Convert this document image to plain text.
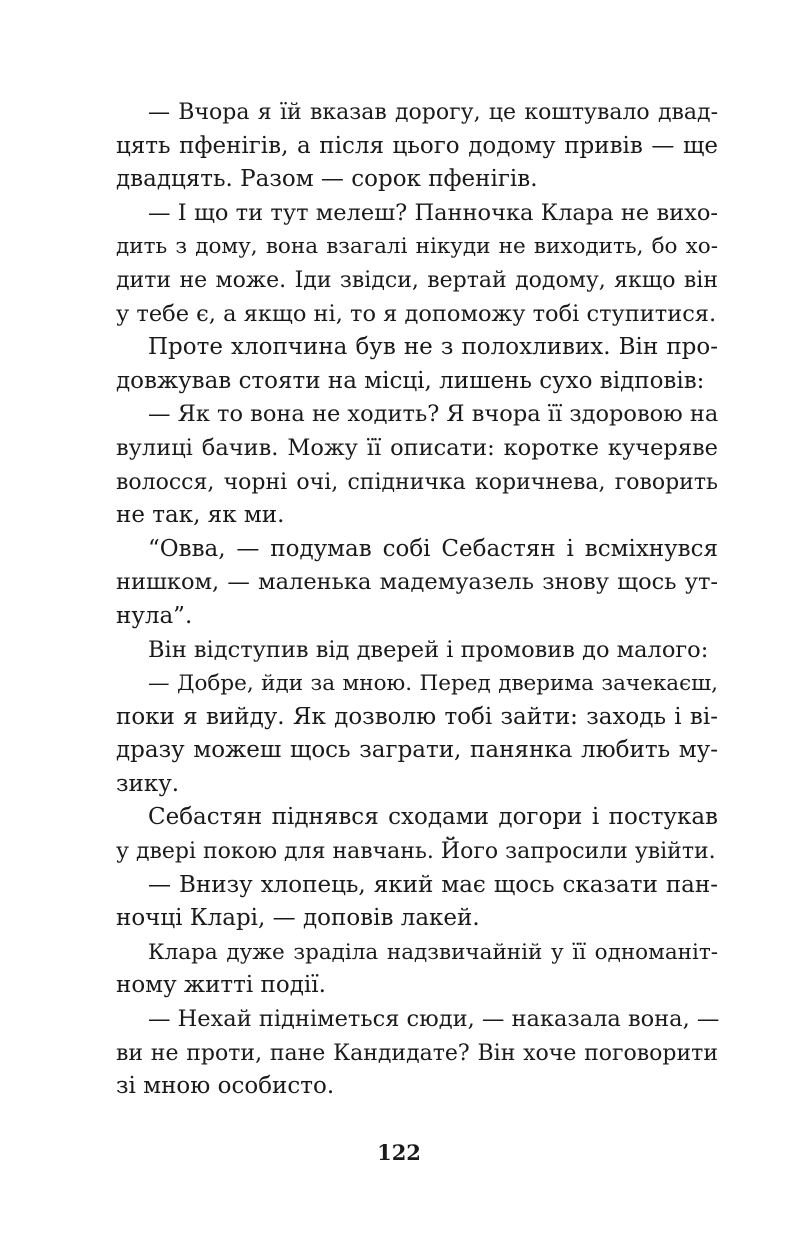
— Вчора я їй вказав дорогу, це коштувало двад-
цять пфенігів, а після цього додому привів — ще
двадцять. Разом — сорок пфенігів.
— І що ти тут мелеш? Панночка Клара не вихо-
дить з дому, вона взагалі нікуди не виходить, бо хо-
дити не може. Іди звідси, вертай додому, якщо він
у тебе є, а якщо ні, то я допоможу тобі ступитися.
Проте хлопчина був не з полохливих. Він про-
довжував стояти на місці, лишень сухо відповів:
— Як то вона не ходить? Я вчора її здоровою на
вулиці бачив. Можу її описати: коротке кучеряве
волосся, чорні очі, спідничка коричнева, говорить
не так, як ми.
“Овва, — подумав собі Себастян і всміхнувся
нишком, — маленька мадемуазель знову щось ут-
нула”.
Він відступив від дверей і промовив до малого:
— Добре, йди за мною. Перед дверима зачекаєш,
поки я вийду. Як дозволю тобі зайти: заходь і ві-
дразу можеш щось заграти, панянка любить му-
зику.
Себастян піднявся сходами догори і постукав
у двері покою для навчань. Його запросили увійти.
— Внизу хлопець, який має щось сказати пан-
ночці Кларі, — доповів лакей.
Клара дуже зраділа надзвичайній у її одноманіт-
ному житті події.
— Нехай підніметься сюди, — наказала вона, —
ви не проти, пане Кандидате? Він хоче поговорити
зі мною особисто.
122
